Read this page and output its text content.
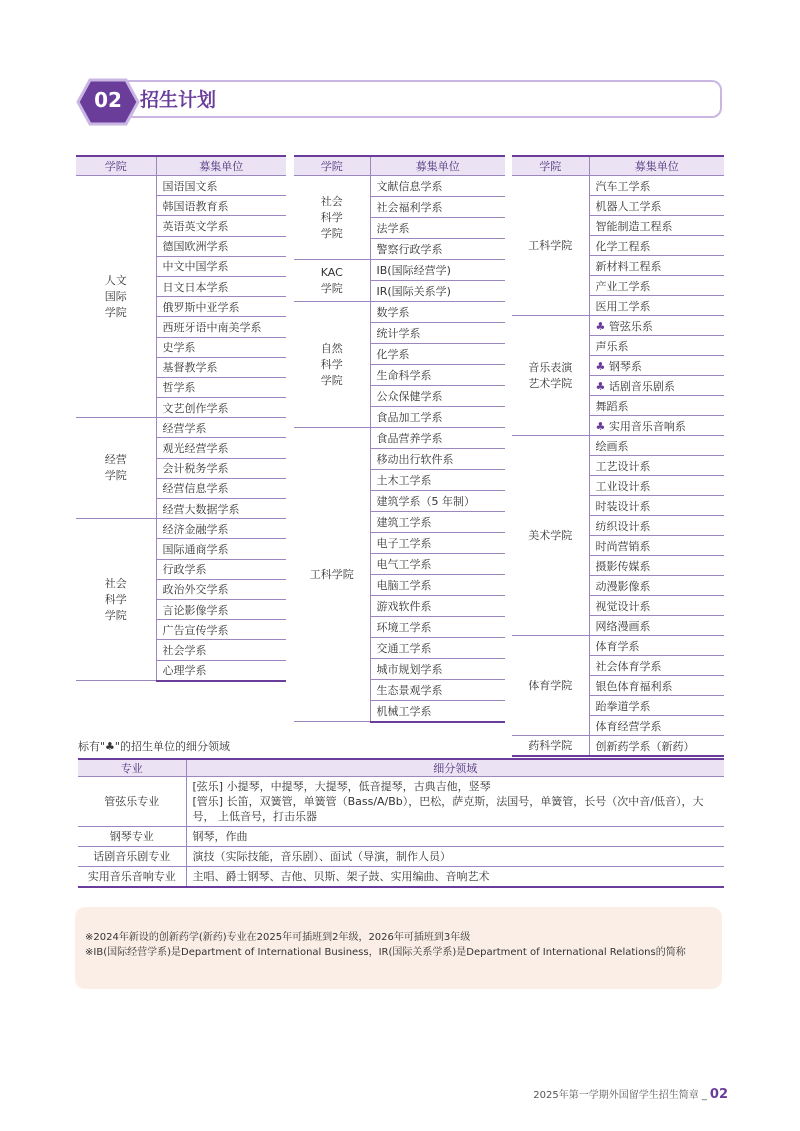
02 招生计划
学院	募集单位
人文
国际
学院	国语国文系
	韩国语教育系
	英语英文学系
	德国欧洲学系
	中文中国学系
	日文日本学系
	俄罗斯中亚学系
	西班牙语中南美学系
	史学系
	基督教学系
	哲学系
	文艺创作学系
经营
学院	经营学系
	观光经营学系
	会计税务学系
	经营信息学系
	经营大数据学系
社会
科学
学院	经济金融学系
	国际通商学系
	行政学系
	政治外交学系
	言论影像学系
	广告宣传学系
	社会学系
	心理学系
学院	募集单位
社会
科学
学院	文献信息学系
	社会福利学系
	法学系
	警察行政学系
KAC
学院	IB(国际经营学)
	IR(国际关系学)
自然
科学
学院	数学系
	统计学系
	化学系
	生命科学系
	公众保健学系
	食品加工学系
工科学院	食品营养学系
	移动出行软件系
	土木工学系
	建筑学系（5 年制）
	建筑工学系
	电子工学系
	电气工学系
	电脑工学系
	游戏软件系
	环境工学系
	交通工学系
	城市规划学系
	生态景观学系
	机械工学系
学院	募集单位
工科学院	汽车工学系
	机器人工学系
	智能制造工程系
	化学工程系
	新材料工程系
	产业工学系
	医用工学系
音乐表演
艺术学院	♣ 管弦乐系
	声乐系
	♣ 钢琴系
	♣ 话剧音乐剧系
	舞蹈系
	♣ 实用音乐音响系
美术学院	绘画系
	工艺设计系
	工业设计系
	时装设计系
	纺织设计系
	时尚营销系
	摄影传媒系
	动漫影像系
	视觉设计系
	网络漫画系
体育学院	体育学系
	社会体育学系
	银色体育福利系
	跆拳道学系
	体育经营学系
药科学院	创新药学系（新药）
标有"♣"的招生单位的细分领域
专业	细分领域
管弦乐专业	[弦乐] 小提琴，中提琴，大提琴，低音提琴，古典吉他，竖琴
[管乐] 长笛，双簧管，单簧管（Bass/A/Bb），巴松，萨克斯，法国号，单簧管，长号（次中音/低音），大号， 上低音号，打击乐器

钢琴专业	钢琴，作曲

话剧音乐剧专业	演技（实际技能，音乐剧）、面试（导演，制作人员）

实用音乐音响专业	主唱、爵士钢琴、吉他、贝斯、架子鼓、实用编曲、音响艺术

※2024年新设的创新药学(新药)专业在2025年可插班到2年级，2026年可插班到3年级

※IB(国际经营学系)是Department of International Business，IR(国际关系学系)是Department of International Relations的简称

2025年第一学期外国留学生招生简章 _ 02
